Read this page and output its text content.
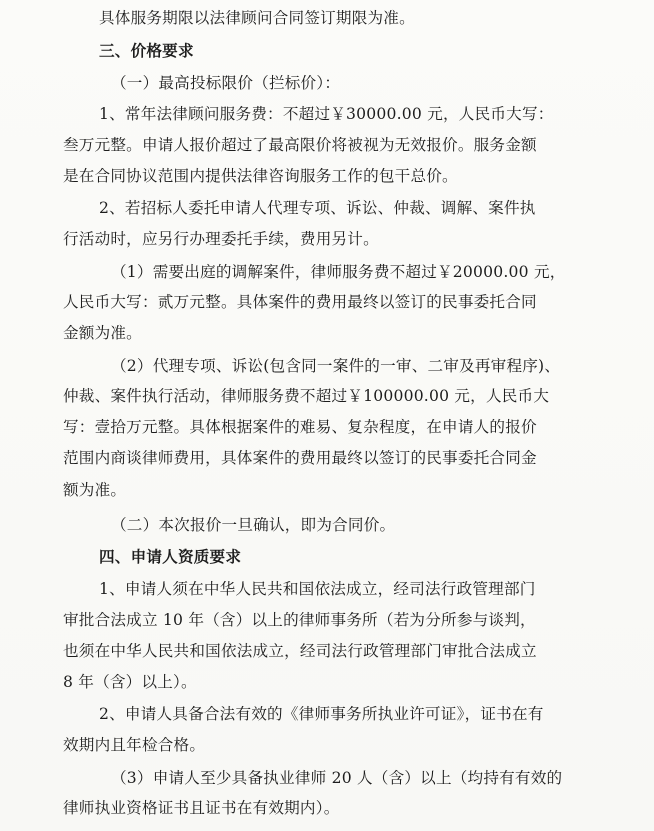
具体服务期限以法律顾问合同签订期限为准。
三、价格要求
（一）最高投标限价（拦标价）：
1、常年法律顾问服务费：不超过￥30000.00 元，人民币大写：
叁万元整。申请人报价超过了最高限价将被视为无效报价。服务金额
是在合同协议范围内提供法律咨询服务工作的包干总价。
2、若招标人委托申请人代理专项、诉讼、仲裁、调解、案件执
行活动时，应另行办理委托手续，费用另计。
（1）需要出庭的调解案件，律师服务费不超过￥20000.00 元，
人民币大写：贰万元整。具体案件的费用最终以签订的民事委托合同
金额为准。
（2）代理专项、诉讼(包含同一案件的一审、二审及再审程序)、
仲裁、案件执行活动，律师服务费不超过￥100000.00 元，人民币大
写：壹拾万元整。具体根据案件的难易、复杂程度，在申请人的报价
范围内商谈律师费用，具体案件的费用最终以签订的民事委托合同金
额为准。
（二）本次报价一旦确认，即为合同价。
四、申请人资质要求
1、申请人须在中华人民共和国依法成立，经司法行政管理部门
审批合法成立 10 年（含）以上的律师事务所（若为分所参与谈判，
也须在中华人民共和国依法成立，经司法行政管理部门审批合法成立
8 年（含）以上）。
2、申请人具备合法有效的《律师事务所执业许可证》，证书在有
效期内且年检合格。
（3）申请人至少具备执业律师 20 人（含）以上（均持有有效的
律师执业资格证书且证书在有效期内）。
